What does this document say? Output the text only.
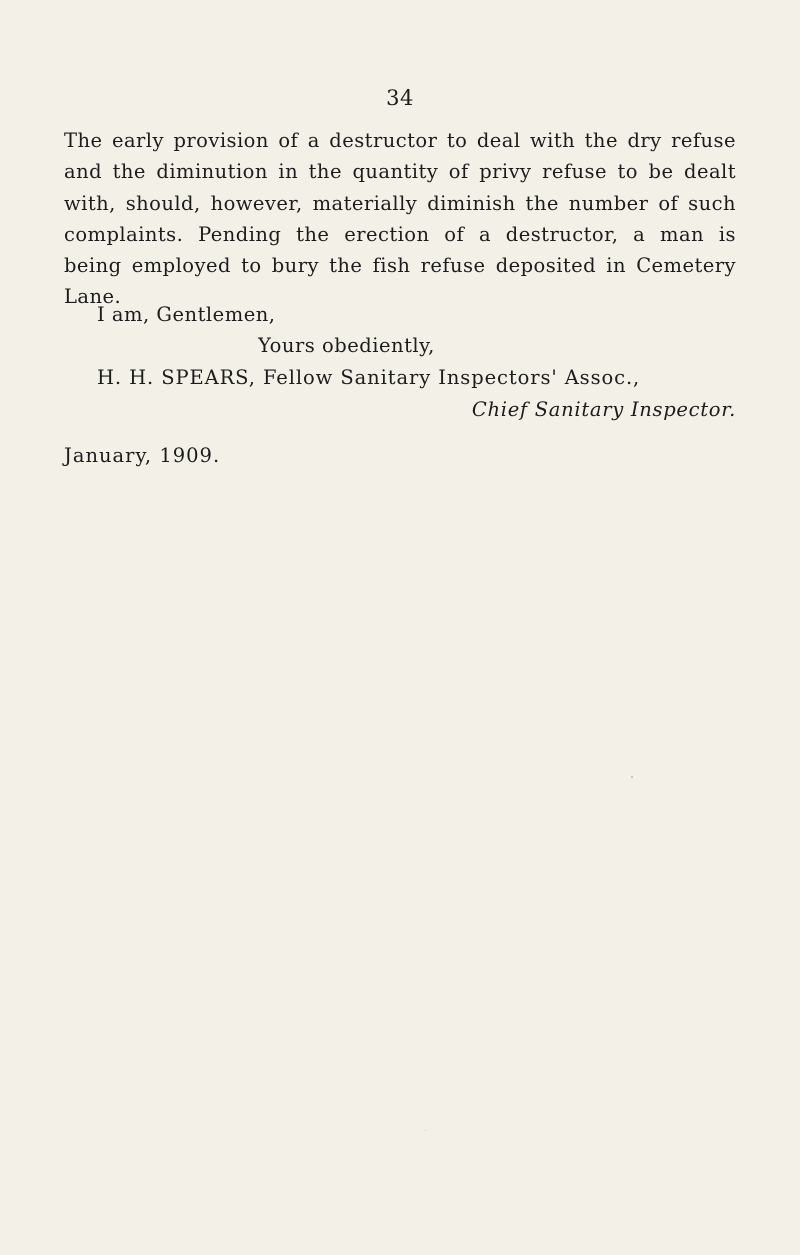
34

The early provision of a destructor to deal with the dry refuse and the diminution in the quantity of privy refuse to be dealt with, should, however, materially diminish the number of such complaints. Pending the erection of a destructor, a man is being employed to bury the fish refuse deposited in Cemetery Lane.

I am, Gentlemen,
Yours obediently,
H. H. SPEARS, Fellow Sanitary Inspectors' Assoc.,
Chief Sanitary Inspector.
January, 1909.
